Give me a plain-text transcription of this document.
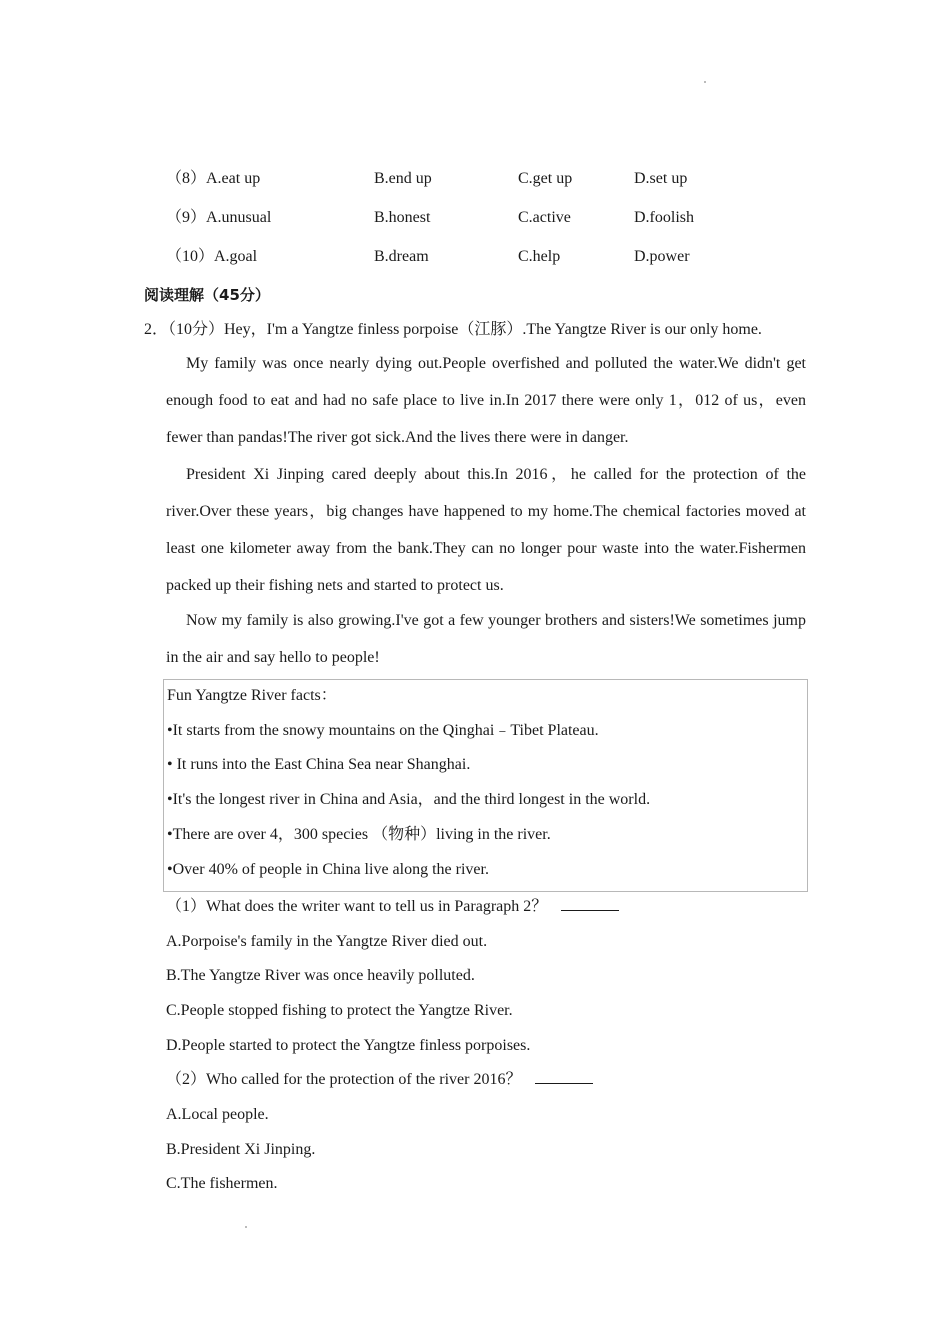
（8）A.eat up	B.end up	C.get up	D.set up
（9）A.unusual	B.honest	C.active	D.foolish
（10）A.goal	B.dream	C.help	D.power
阅读理解（45分）
2．（10分）Hey，I'm a Yangtze finless porpoise（江豚）.The Yangtze River is our only home.

My family was once nearly dying out.People overfished and polluted the water.We didn't get enough food to eat and had no safe place to live in.In 2017 there were only 1，012 of us，even fewer than pandas!The river got sick.And the lives there were in danger.

President Xi Jinping cared deeply about this.In 2016，he called for the protection of the river.Over these years，big changes have happened to my home.The chemical factories moved at least one kilometer away from the bank.They can no longer pour waste into the water.Fishermen packed up their fishing nets and started to protect us.

Now my family is also growing.I've got a few younger brothers and sisters!We sometimes jump in the air and say hello to people!

Fun Yangtze River facts：
•It starts from the snowy mountains on the Qinghai﹣Tibet Plateau.
• It runs into the East China Sea near Shanghai.
•It's the longest river in China and Asia，and the third longest in the world.
•There are over 4，300 species （物种）living in the river.
•Over 40% of people in China live along the river.
（1）What does the writer want to tell us in Paragraph 2？
A.Porpoise's family in the Yangtze River died out.
B.The Yangtze River was once heavily polluted.
C.People stopped fishing to protect the Yangtze River.
D.People started to protect the Yangtze finless porpoises.
（2）Who called for the protection of the river 2016？
A.Local people.
B.President Xi Jinping.
C.The fishermen.
